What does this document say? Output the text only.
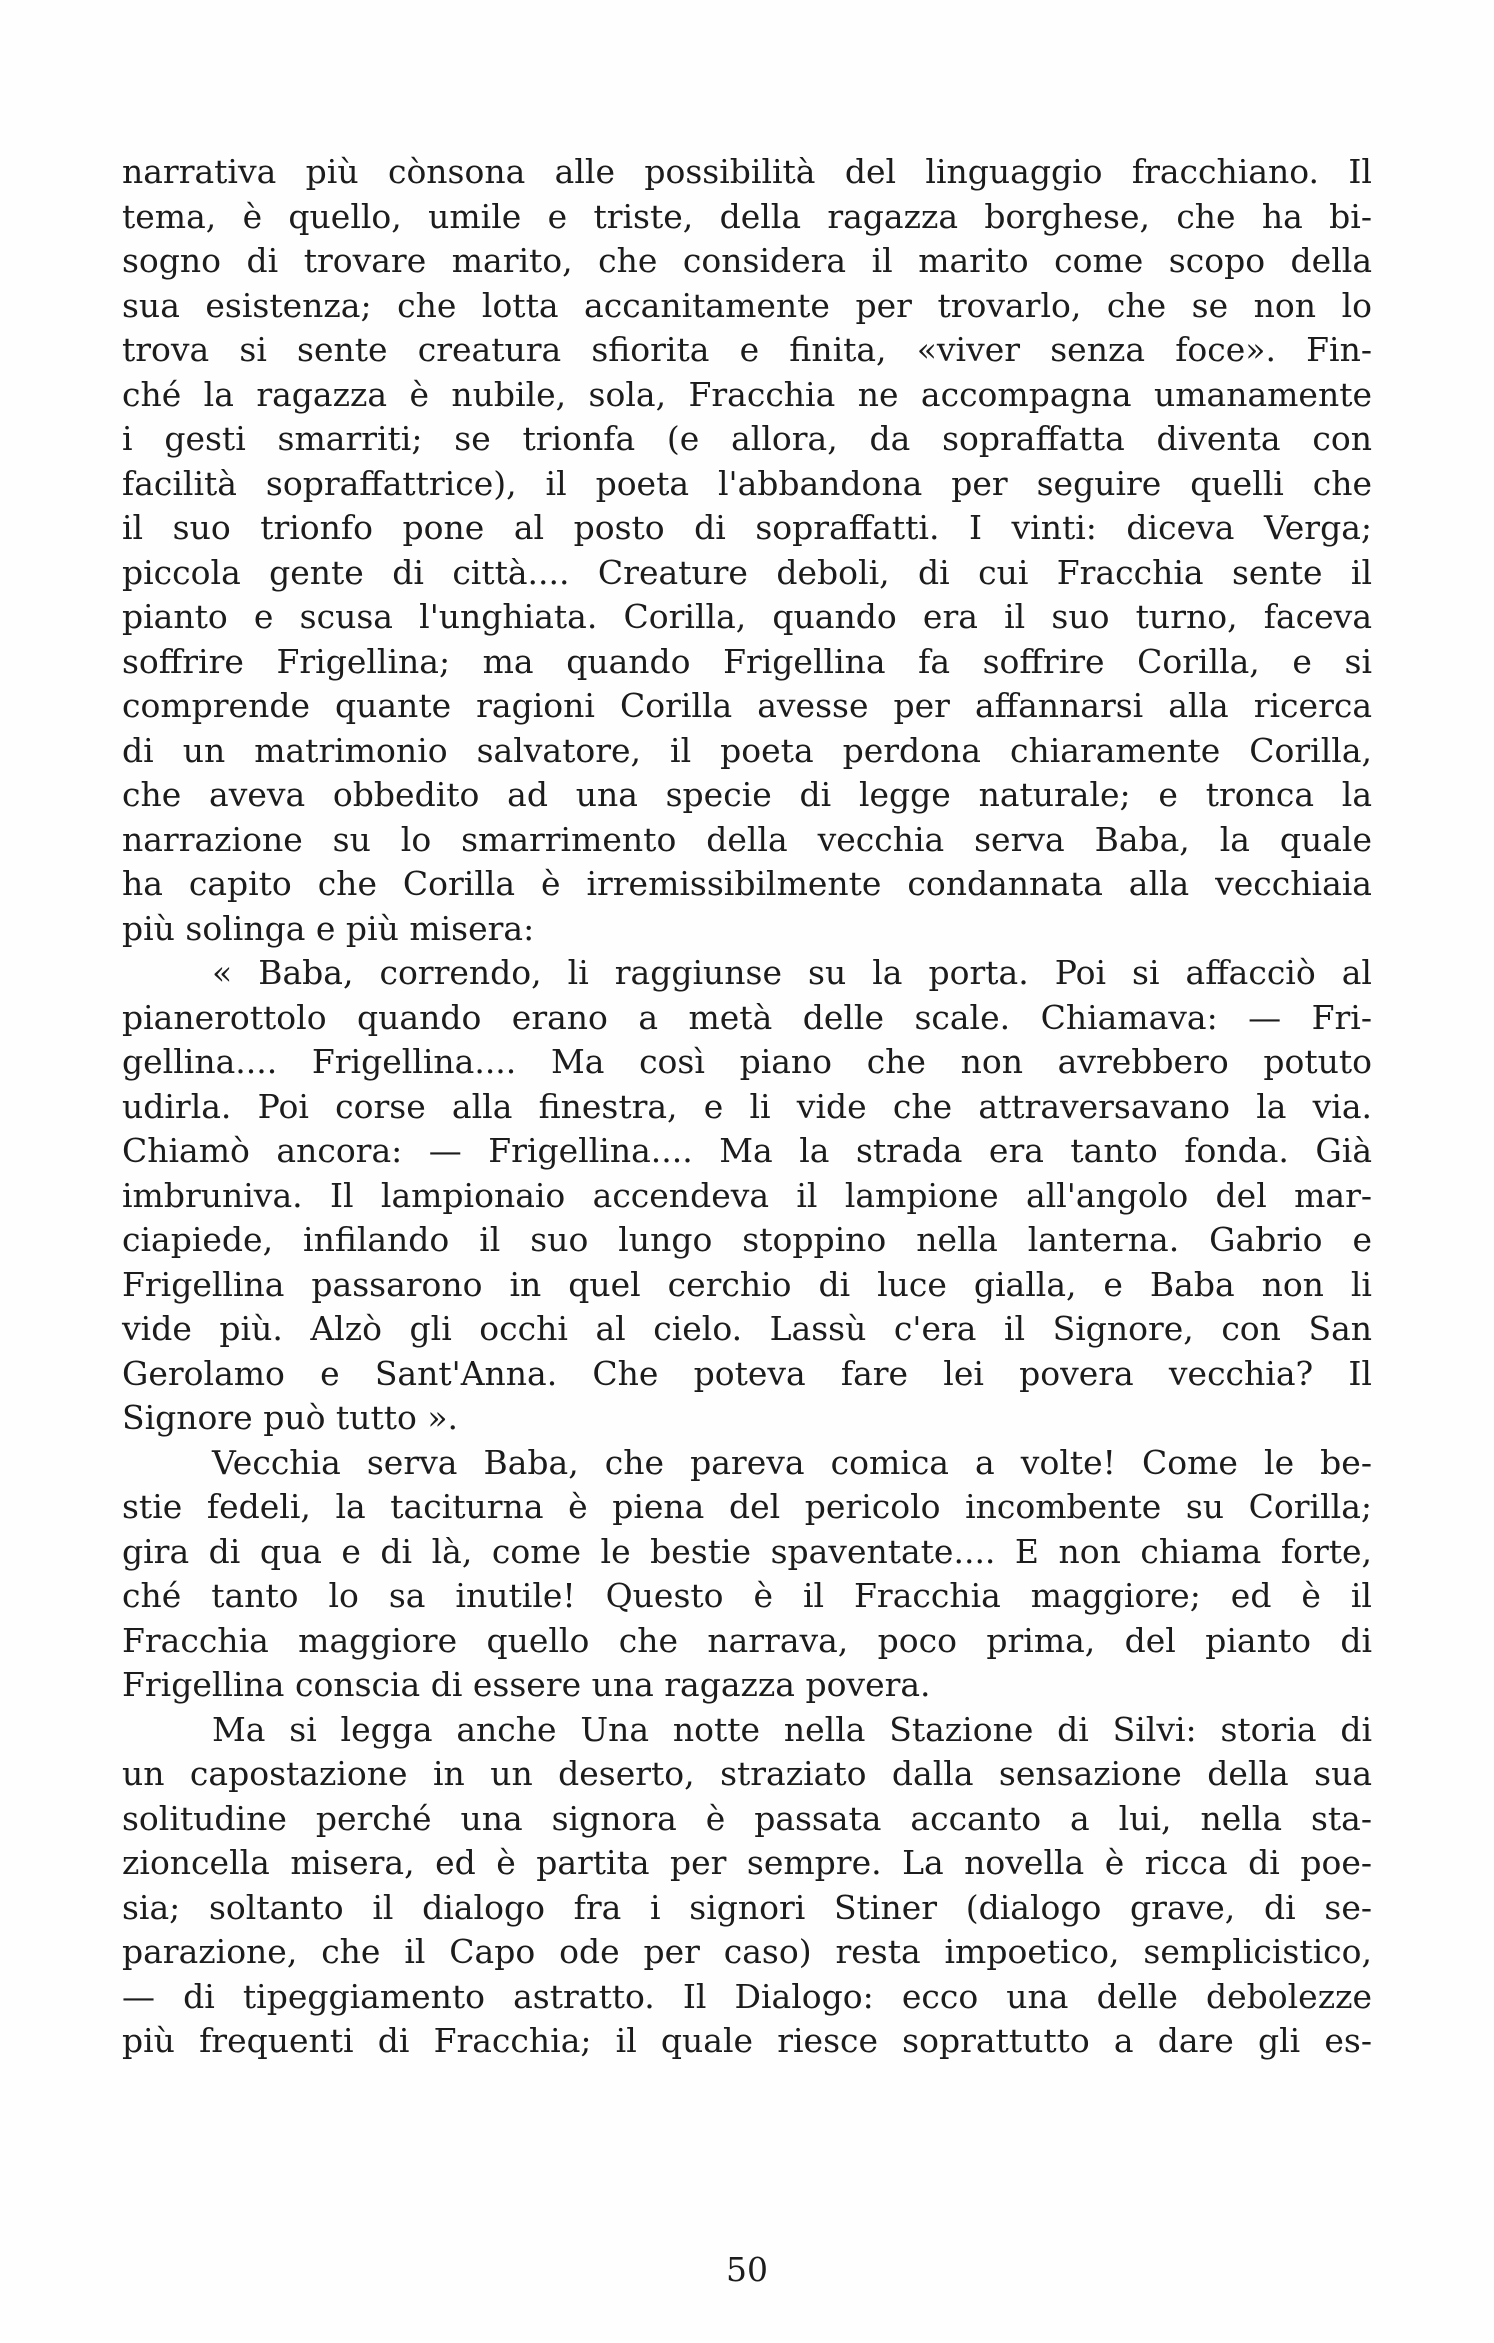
narrativa più cònsona alle possibilità del linguaggio fracchiano. Il
tema, è quello, umile e triste, della ragazza borghese, che ha bi-
sogno di trovare marito, che considera il marito come scopo della
sua esistenza; che lotta accanitamente per trovarlo, che se non lo
trova si sente creatura sfiorita e finita, «viver senza foce». Fin-
ché la ragazza è nubile, sola, Fracchia ne accompagna umanamente
i gesti smarriti; se trionfa (e allora, da sopraffatta diventa con
facilità sopraffattrice), il poeta l'abbandona per seguire quelli che
il suo trionfo pone al posto di sopraffatti. I vinti: diceva Verga;
piccola gente di città.... Creature deboli, di cui Fracchia sente il
pianto e scusa l'unghiata. Corilla, quando era il suo turno, faceva
soffrire Frigellina; ma quando Frigellina fa soffrire Corilla, e si
comprende quante ragioni Corilla avesse per affannarsi alla ricerca
di un matrimonio salvatore, il poeta perdona chiaramente Corilla,
che aveva obbedito ad una specie di legge naturale; e tronca la
narrazione su lo smarrimento della vecchia serva Baba, la quale
ha capito che Corilla è irremissibilmente condannata alla vecchiaia
più solinga e più misera:
« Baba, correndo, li raggiunse su la porta. Poi si affacciò al
pianerottolo quando erano a metà delle scale. Chiamava: — Fri-
gellina.... Frigellina.... Ma così piano che non avrebbero potuto
udirla. Poi corse alla finestra, e li vide che attraversavano la via.
Chiamò ancora: — Frigellina.... Ma la strada era tanto fonda. Già
imbruniva. Il lampionaio accendeva il lampione all'angolo del mar-
ciapiede, infilando il suo lungo stoppino nella lanterna. Gabrio e
Frigellina passarono in quel cerchio di luce gialla, e Baba non li
vide più. Alzò gli occhi al cielo. Lassù c'era il Signore, con San
Gerolamo e Sant'Anna. Che poteva fare lei povera vecchia? Il
Signore può tutto ».
Vecchia serva Baba, che pareva comica a volte! Come le be-
stie fedeli, la taciturna è piena del pericolo incombente su Corilla;
gira di qua e di là, come le bestie spaventate.... E non chiama forte,
ché tanto lo sa inutile! Questo è il Fracchia maggiore; ed è il
Fracchia maggiore quello che narrava, poco prima, del pianto di
Frigellina conscia di essere una ragazza povera.
Ma si legga anche Una notte nella Stazione di Silvi: storia di
un capostazione in un deserto, straziato dalla sensazione della sua
solitudine perché una signora è passata accanto a lui, nella sta-
zioncella misera, ed è partita per sempre. La novella è ricca di poe-
sia; soltanto il dialogo fra i signori Stiner (dialogo grave, di se-
parazione, che il Capo ode per caso) resta impoetico, semplicistico,
— di tipeggiamento astratto. Il Dialogo: ecco una delle debolezze
più frequenti di Fracchia; il quale riesce soprattutto a dare gli es-
50
